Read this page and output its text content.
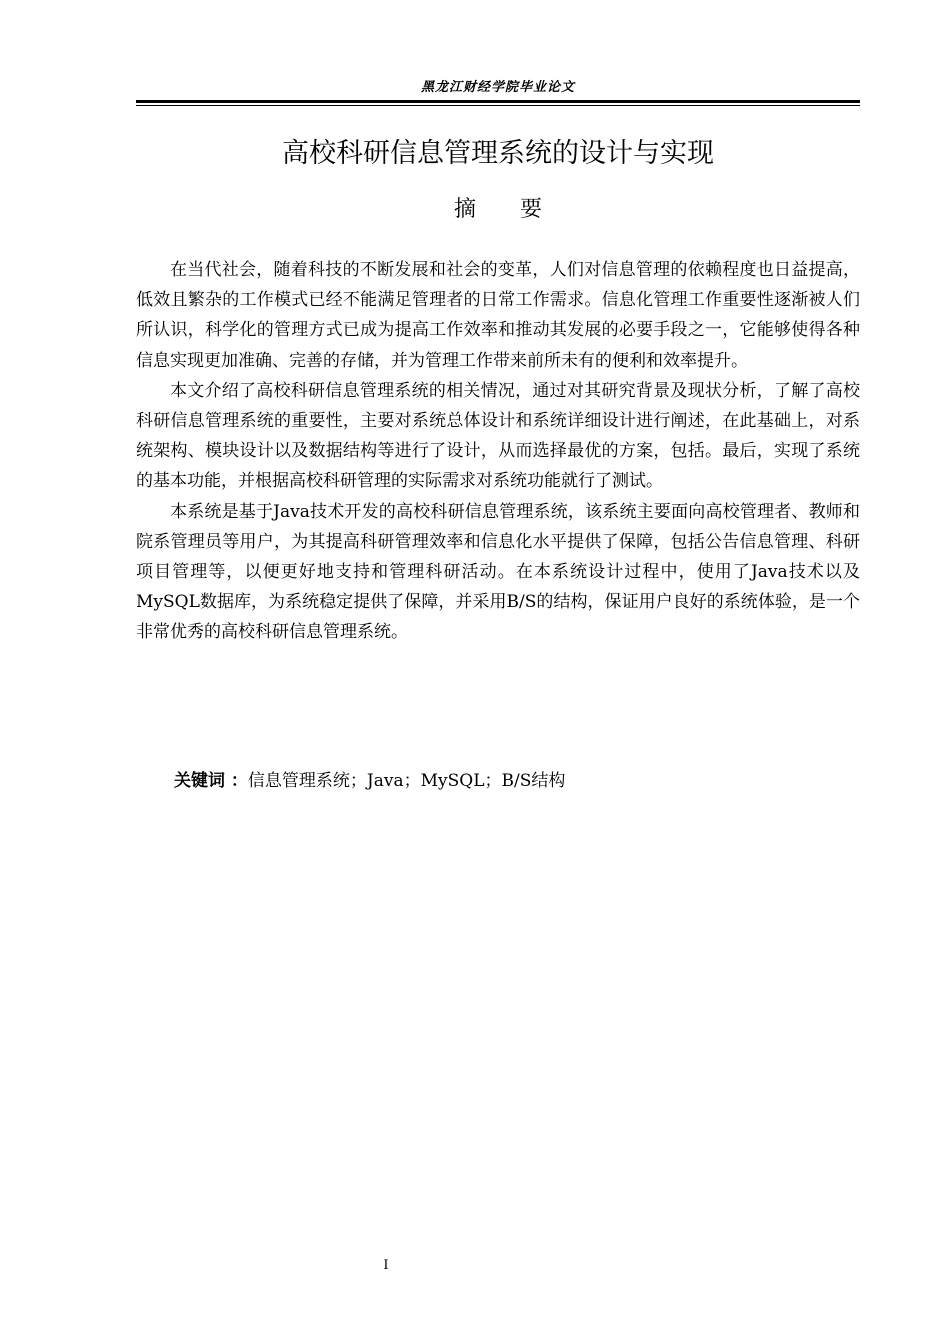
黑龙江财经学院毕业论文
高校科研信息管理系统的设计与实现
摘　　要

在当代社会，随着科技的不断发展和社会的变革，人们对信息管理的依赖程度也日益提高，低效且繁杂的工作模式已经不能满足管理者的日常工作需求。信息化管理工作重要性逐渐被人们所认识，科学化的管理方式已成为提高工作效率和推动其发展的必要手段之一，它能够使得各种信息实现更加准确、完善的存储，并为管理工作带来前所未有的便利和效率提升。

本文介绍了高校科研信息管理系统的相关情况，通过对其研究背景及现状分析，了解了高校科研信息管理系统的重要性，主要对系统总体设计和系统详细设计进行阐述，在此基础上，对系统架构、模块设计以及数据结构等进行了设计，从而选择最优的方案，包括。最后，实现了系统的基本功能，并根据高校科研管理的实际需求对系统功能就行了测试。

本系统是基于Java技术开发的高校科研信息管理系统，该系统主要面向高校管理者、教师和院系管理员等用户，为其提高科研管理效率和信息化水平提供了保障，包括公告信息管理、科研项目管理等，以便更好地支持和管理科研活动。在本系统设计过程中，使用了Java技术以及MySQL数据库，为系统稳定提供了保障，并采用B/S的结构，保证用户良好的系统体验，是一个非常优秀的高校科研信息管理系统。

关键词 ：信息管理系统；Java；MySQL；B/S结构
I
